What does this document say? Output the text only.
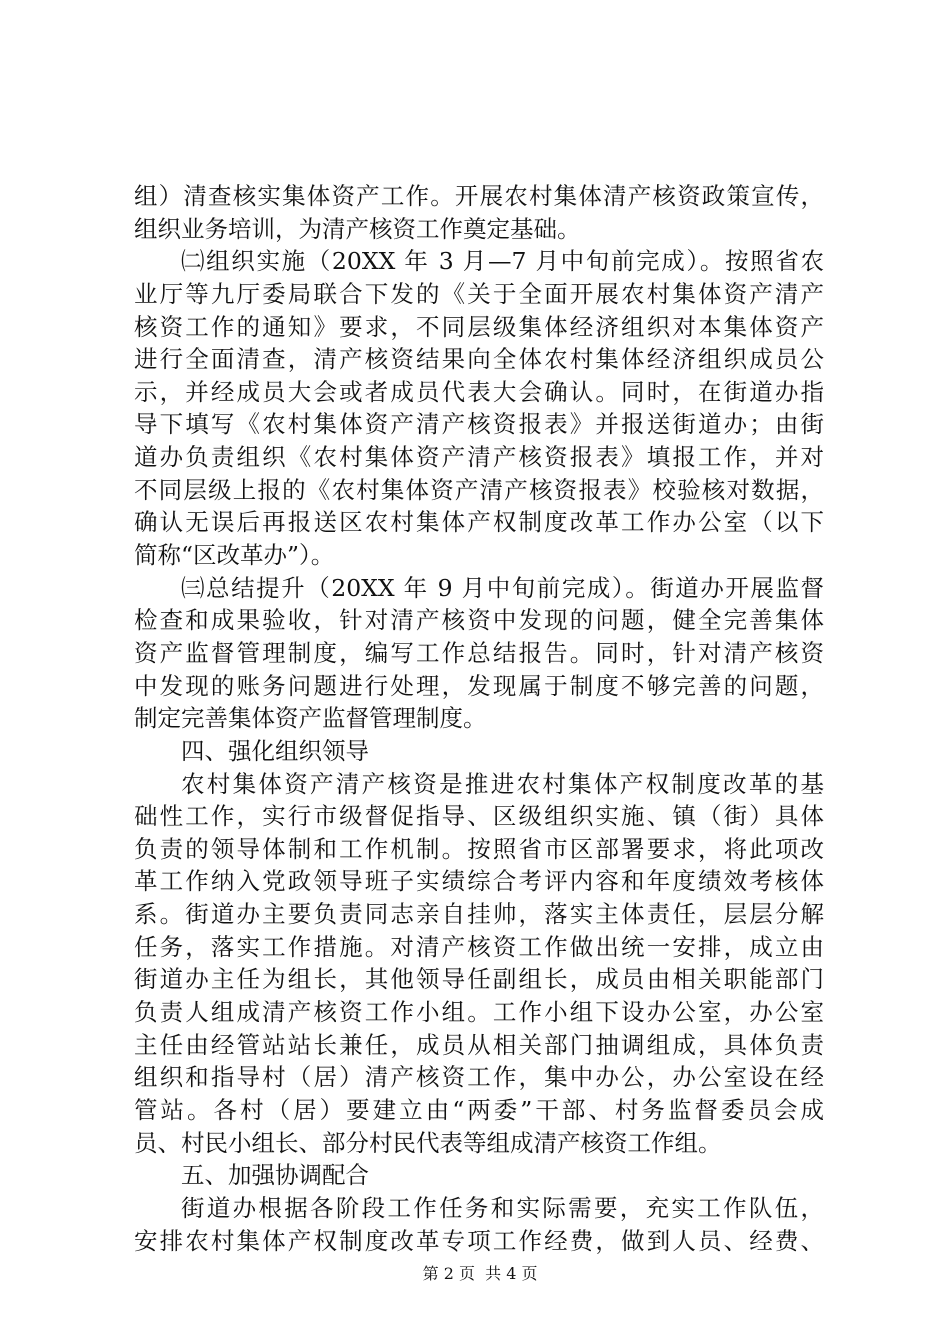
组）清查核实集体资产工作。开展农村集体清产核资政策宣传，
组织业务培训，为清产核资工作奠定基础。
㈡组织实施（20XX 年 3 月—7 月中旬前完成）。按照省农
业厅等九厅委局联合下发的《关于全面开展农村集体资产清产
核资工作的通知》要求，不同层级集体经济组织对本集体资产
进行全面清查，清产核资结果向全体农村集体经济组织成员公
示，并经成员大会或者成员代表大会确认。同时，在街道办指
导下填写《农村集体资产清产核资报表》并报送街道办；由街
道办负责组织《农村集体资产清产核资报表》填报工作，并对
不同层级上报的《农村集体资产清产核资报表》校验核对数据，
确认无误后再报送区农村集体产权制度改革工作办公室（以下
简称“区改革办”）。
㈢总结提升（20XX 年 9 月中旬前完成）。街道办开展监督
检查和成果验收，针对清产核资中发现的问题，健全完善集体
资产监督管理制度，编写工作总结报告。同时，针对清产核资
中发现的账务问题进行处理，发现属于制度不够完善的问题，
制定完善集体资产监督管理制度。
四、强化组织领导
农村集体资产清产核资是推进农村集体产权制度改革的基
础性工作，实行市级督促指导、区级组织实施、镇（街）具体
负责的领导体制和工作机制。按照省市区部署要求，将此项改
革工作纳入党政领导班子实绩综合考评内容和年度绩效考核体
系。街道办主要负责同志亲自挂帅，落实主体责任，层层分解
任务，落实工作措施。对清产核资工作做出统一安排，成立由
街道办主任为组长，其他领导任副组长，成员由相关职能部门
负责人组成清产核资工作小组。工作小组下设办公室，办公室
主任由经管站站长兼任，成员从相关部门抽调组成，具体负责
组织和指导村（居）清产核资工作，集中办公，办公室设在经
管站。各村（居）要建立由“两委”干部、村务监督委员会成
员、村民小组长、部分村民代表等组成清产核资工作组。
五、加强协调配合
街道办根据各阶段工作任务和实际需要，充实工作队伍，
安排农村集体产权制度改革专项工作经费，做到人员、经费、

第 2 页  共 4 页
